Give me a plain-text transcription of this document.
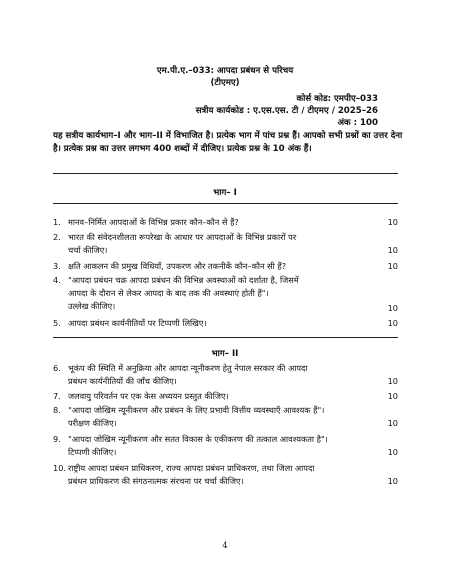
एम.पी.ए.–033: आपदा प्रबंधन से परिचय
(टीएमए)
कोर्स कोड: एमपीए–033
सत्रीय कार्यकोड : ए.एस.एस. टी / टीएमए / 2025–26
अंक : 100
यह सत्रीय कार्यभाग–I और भाग–II में विभाजित है। प्रत्येक भाग में पांच प्रश्न हैं। आपको सभी प्रश्नों का उत्तर देना है। प्रत्येक प्रश्न का उत्तर लगभग 400 शब्दों में दीजिए। प्रत्येक प्रश्न के 10 अंक हैं।
भाग– I
1. मानव–निर्मित आपदाओं के विभिन्न प्रकार कौन–कौन से हैं?	10
2. भारत की संवेदनशीलता रूपरेखा के आधार पर आपदाओं के विभिन्न प्रकारों पर
चर्चा कीजिए।	10
3. क्षति आकलन की प्रमुख विधियाँ, उपकरण और तकनीकें कौन–कौन सी हैं?	10
4. "आपदा प्रबंधन चक्र आपदा प्रबंधन की विभिन्न अवस्थाओं को दर्शाता है, जिसमें
आपदा के दौरान से लेकर आपदा के बाद तक की अवस्थाएं होती हैं"।
उल्लेख कीजिए।	10
5. आपदा प्रबंधन कार्यनीतियों पर टिप्पणी लिखिए।	10
भाग– II
6. भूकंप की स्थिति में अनुक्रिया और आपदा न्यूनीकरण हेतु नेपाल सरकार की आपदा
प्रबंधन कार्यनीतियों की जाँच कीजिए।	10
7. जलवायु परिवर्तन पर एक केस अध्ययन प्रस्तुत कीजिए।	10
8. "आपदा जोखिम न्यूनीकरण और प्रबंधन के लिए प्रभावी वित्तीय व्यवस्थाएँ आवश्यक हैं"।
परीक्षण कीजिए।	10
9. "आपदा जोखिम न्यूनीकरण और सतत विकास के एकीकरण की तत्काल आवश्यकता है"।
टिप्पणी कीजिए।	10
10. राष्ट्रीय आपदा प्रबंधन प्राधिकरण, राज्य आपदा प्रबंधन प्राधिकरण, तथा जिला आपदा
प्रबंधन प्राधिकरण की संगठनात्मक संरचना पर चर्चा कीजिए।	10
4
